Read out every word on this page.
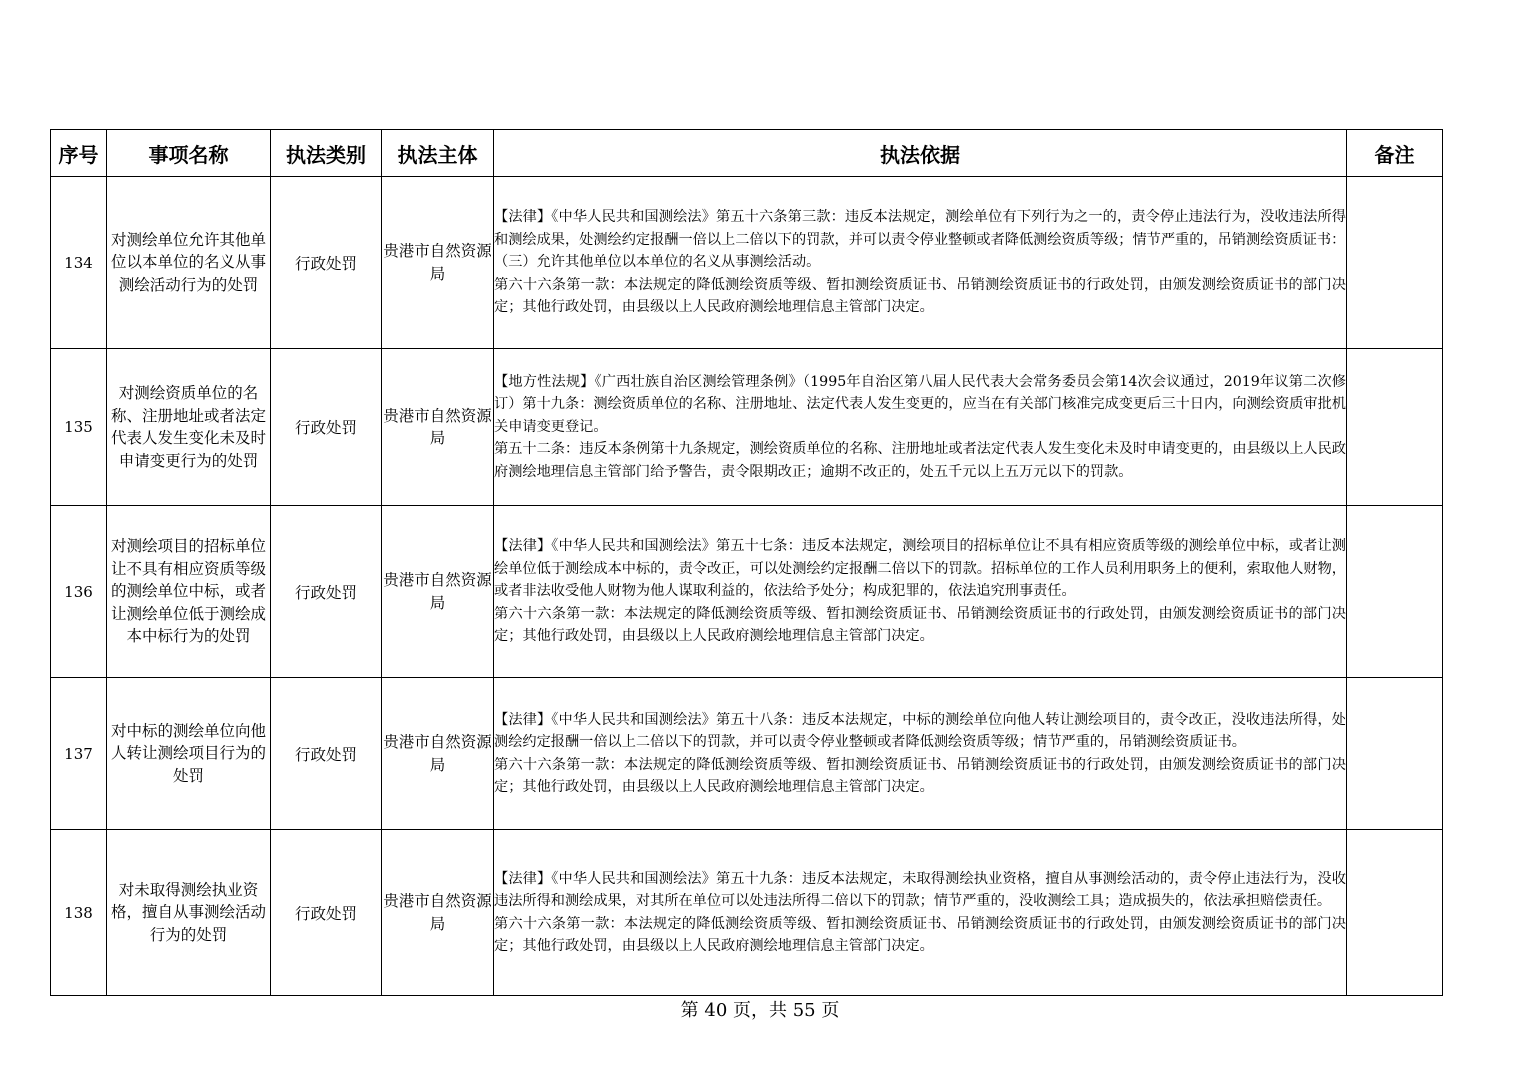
序号	事项名称	执法类别	执法主体	执法依据	备注
134	对测绘单位允许其他单位以本单位的名义从事测绘活动行为的处罚	行政处罚	贵港市自然资源局	【法律】《中华人民共和国测绘法》第五十六条第三款：违反本法规定，测绘单位有下列行为之一的，责令停止违法行为，没收违法所得和测绘成果，处测绘约定报酬一倍以上二倍以下的罚款，并可以责令停业整顿或者降低测绘资质等级；情节严重的，吊销测绘资质证书：

（三）允许其他单位以本单位的名义从事测绘活动。

第六十六条第一款：本法规定的降低测绘资质等级、暂扣测绘资质证书、吊销测绘资质证书的行政处罚，由颁发测绘资质证书的部门决定；其他行政处罚，由县级以上人民政府测绘地理信息主管部门决定。	

135	对测绘资质单位的名称、注册地址或者法定代表人发生变化未及时申请变更行为的处罚	行政处罚	贵港市自然资源局	【地方性法规】《广西壮族自治区测绘管理条例》（1995年自治区第八届人民代表大会常务委员会第14次会议通过，2019年议第二次修订）第十九条：测绘资质单位的名称、注册地址、法定代表人发生变更的，应当在有关部门核准完成变更后三十日内，向测绘资质审批机关申请变更登记。

第五十二条：违反本条例第十九条规定，测绘资质单位的名称、注册地址或者法定代表人发生变化未及时申请变更的，由县级以上人民政府测绘地理信息主管部门给予警告，责令限期改正；逾期不改正的，处五千元以上五万元以下的罚款。	

136	对测绘项目的招标单位让不具有相应资质等级的测绘单位中标，或者让测绘单位低于测绘成本中标行为的处罚	行政处罚	贵港市自然资源局	【法律】《中华人民共和国测绘法》第五十七条：违反本法规定，测绘项目的招标单位让不具有相应资质等级的测绘单位中标，或者让测绘单位低于测绘成本中标的，责令改正，可以处测绘约定报酬二倍以下的罚款。招标单位的工作人员利用职务上的便利，索取他人财物，或者非法收受他人财物为他人谋取利益的，依法给予处分；构成犯罪的，依法追究刑事责任。

第六十六条第一款：本法规定的降低测绘资质等级、暂扣测绘资质证书、吊销测绘资质证书的行政处罚，由颁发测绘资质证书的部门决定；其他行政处罚，由县级以上人民政府测绘地理信息主管部门决定。	

137	对中标的测绘单位向他人转让测绘项目行为的处罚	行政处罚	贵港市自然资源局	【法律】《中华人民共和国测绘法》第五十八条：违反本法规定，中标的测绘单位向他人转让测绘项目的，责令改正，没收违法所得，处测绘约定报酬一倍以上二倍以下的罚款，并可以责令停业整顿或者降低测绘资质等级；情节严重的，吊销测绘资质证书。

第六十六条第一款：本法规定的降低测绘资质等级、暂扣测绘资质证书、吊销测绘资质证书的行政处罚，由颁发测绘资质证书的部门决定；其他行政处罚，由县级以上人民政府测绘地理信息主管部门决定。	

138	对未取得测绘执业资格，擅自从事测绘活动行为的处罚	行政处罚	贵港市自然资源局	【法律】《中华人民共和国测绘法》第五十九条：违反本法规定，未取得测绘执业资格，擅自从事测绘活动的，责令停止违法行为，没收违法所得和测绘成果，对其所在单位可以处违法所得二倍以下的罚款；情节严重的，没收测绘工具；造成损失的，依法承担赔偿责任。

第六十六条第一款：本法规定的降低测绘资质等级、暂扣测绘资质证书、吊销测绘资质证书的行政处罚，由颁发测绘资质证书的部门决定；其他行政处罚，由县级以上人民政府测绘地理信息主管部门决定。	

第 40 页，共 55 页
